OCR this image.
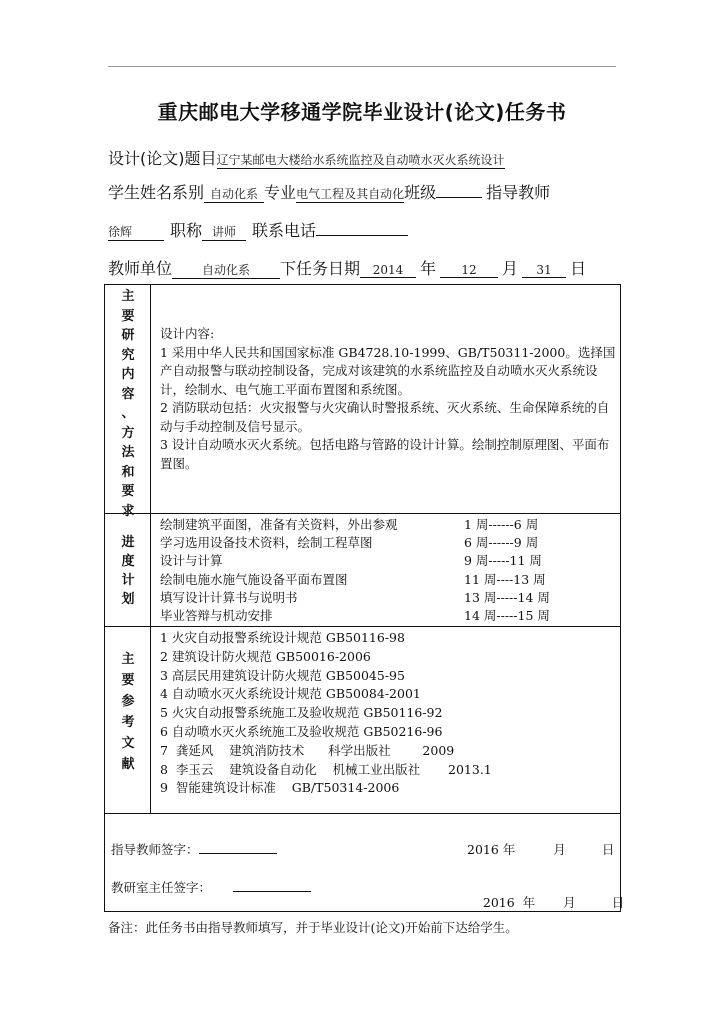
重庆邮电大学移通学院毕业设计(论文)任务书
设计(论文)题目辽宁某邮电大楼给水系统监控及自动喷水灭火系统设计
学生姓名系别 自动化系 专业电气工程及其自动化班级	指导教师
徐辉 职称 讲师 联系电话
教师单位 自动化系 下任务日期 2014 年 12 月 31 日
主
要
研
究
内
容
、
方
法
和
要
求
设计内容:
1 采用中华人民共和国国家标准 GB4728.10-1999、GB/T50311-2000。选择国产自动报警与联动控制设备，完成对该建筑的水系统监控及自动喷水灭火系统设计，绘制水、电气施工平面布置图和系统图。
2 消防联动包括：火灾报警与火灾确认时警报系统、灭火系统、生命保障系统的自动与手动控制及信号显示。
3 设计自动喷水灭火系统。包括电路与管路的设计计算。绘制控制原理图、平面布置图。
进
度
计
划
绘制建筑平面图，准备有关资料，外出参观	1 周------6 周
学习选用设备技术资料，绘制工程草图	6 周------9 周
设计与计算	9 周-----11 周
绘制电施水施气施设备平面布置图	11 周----13 周
填写设计计算书与说明书	13 周-----14 周
毕业答辩与机动安排	14 周-----15 周
主
要
参
考
文
献
1 火灾自动报警系统设计规范 GB50116-98
2 建筑设计防火规范 GB50016-2006
3 高层民用建筑设计防火规范 GB50045-95
4 自动喷水灭火系统设计规范 GB50084-2001
5 火灾自动报警系统施工及验收规范 GB50116-92
6 自动喷水灭火系统施工及验收规范 GB50216-96
7  龚延风    建筑消防技术      科学出版社        2009
8  李玉云    建筑设备自动化    机械工业出版社       2013.1
9  智能建筑设计标准    GB/T50314-2006
指导教师签字：	2016 年	月	日
教研室主任签字：

2016  年 月	日

备注：此任务书由指导教师填写，并于毕业设计(论文)开始前下达给学生。
